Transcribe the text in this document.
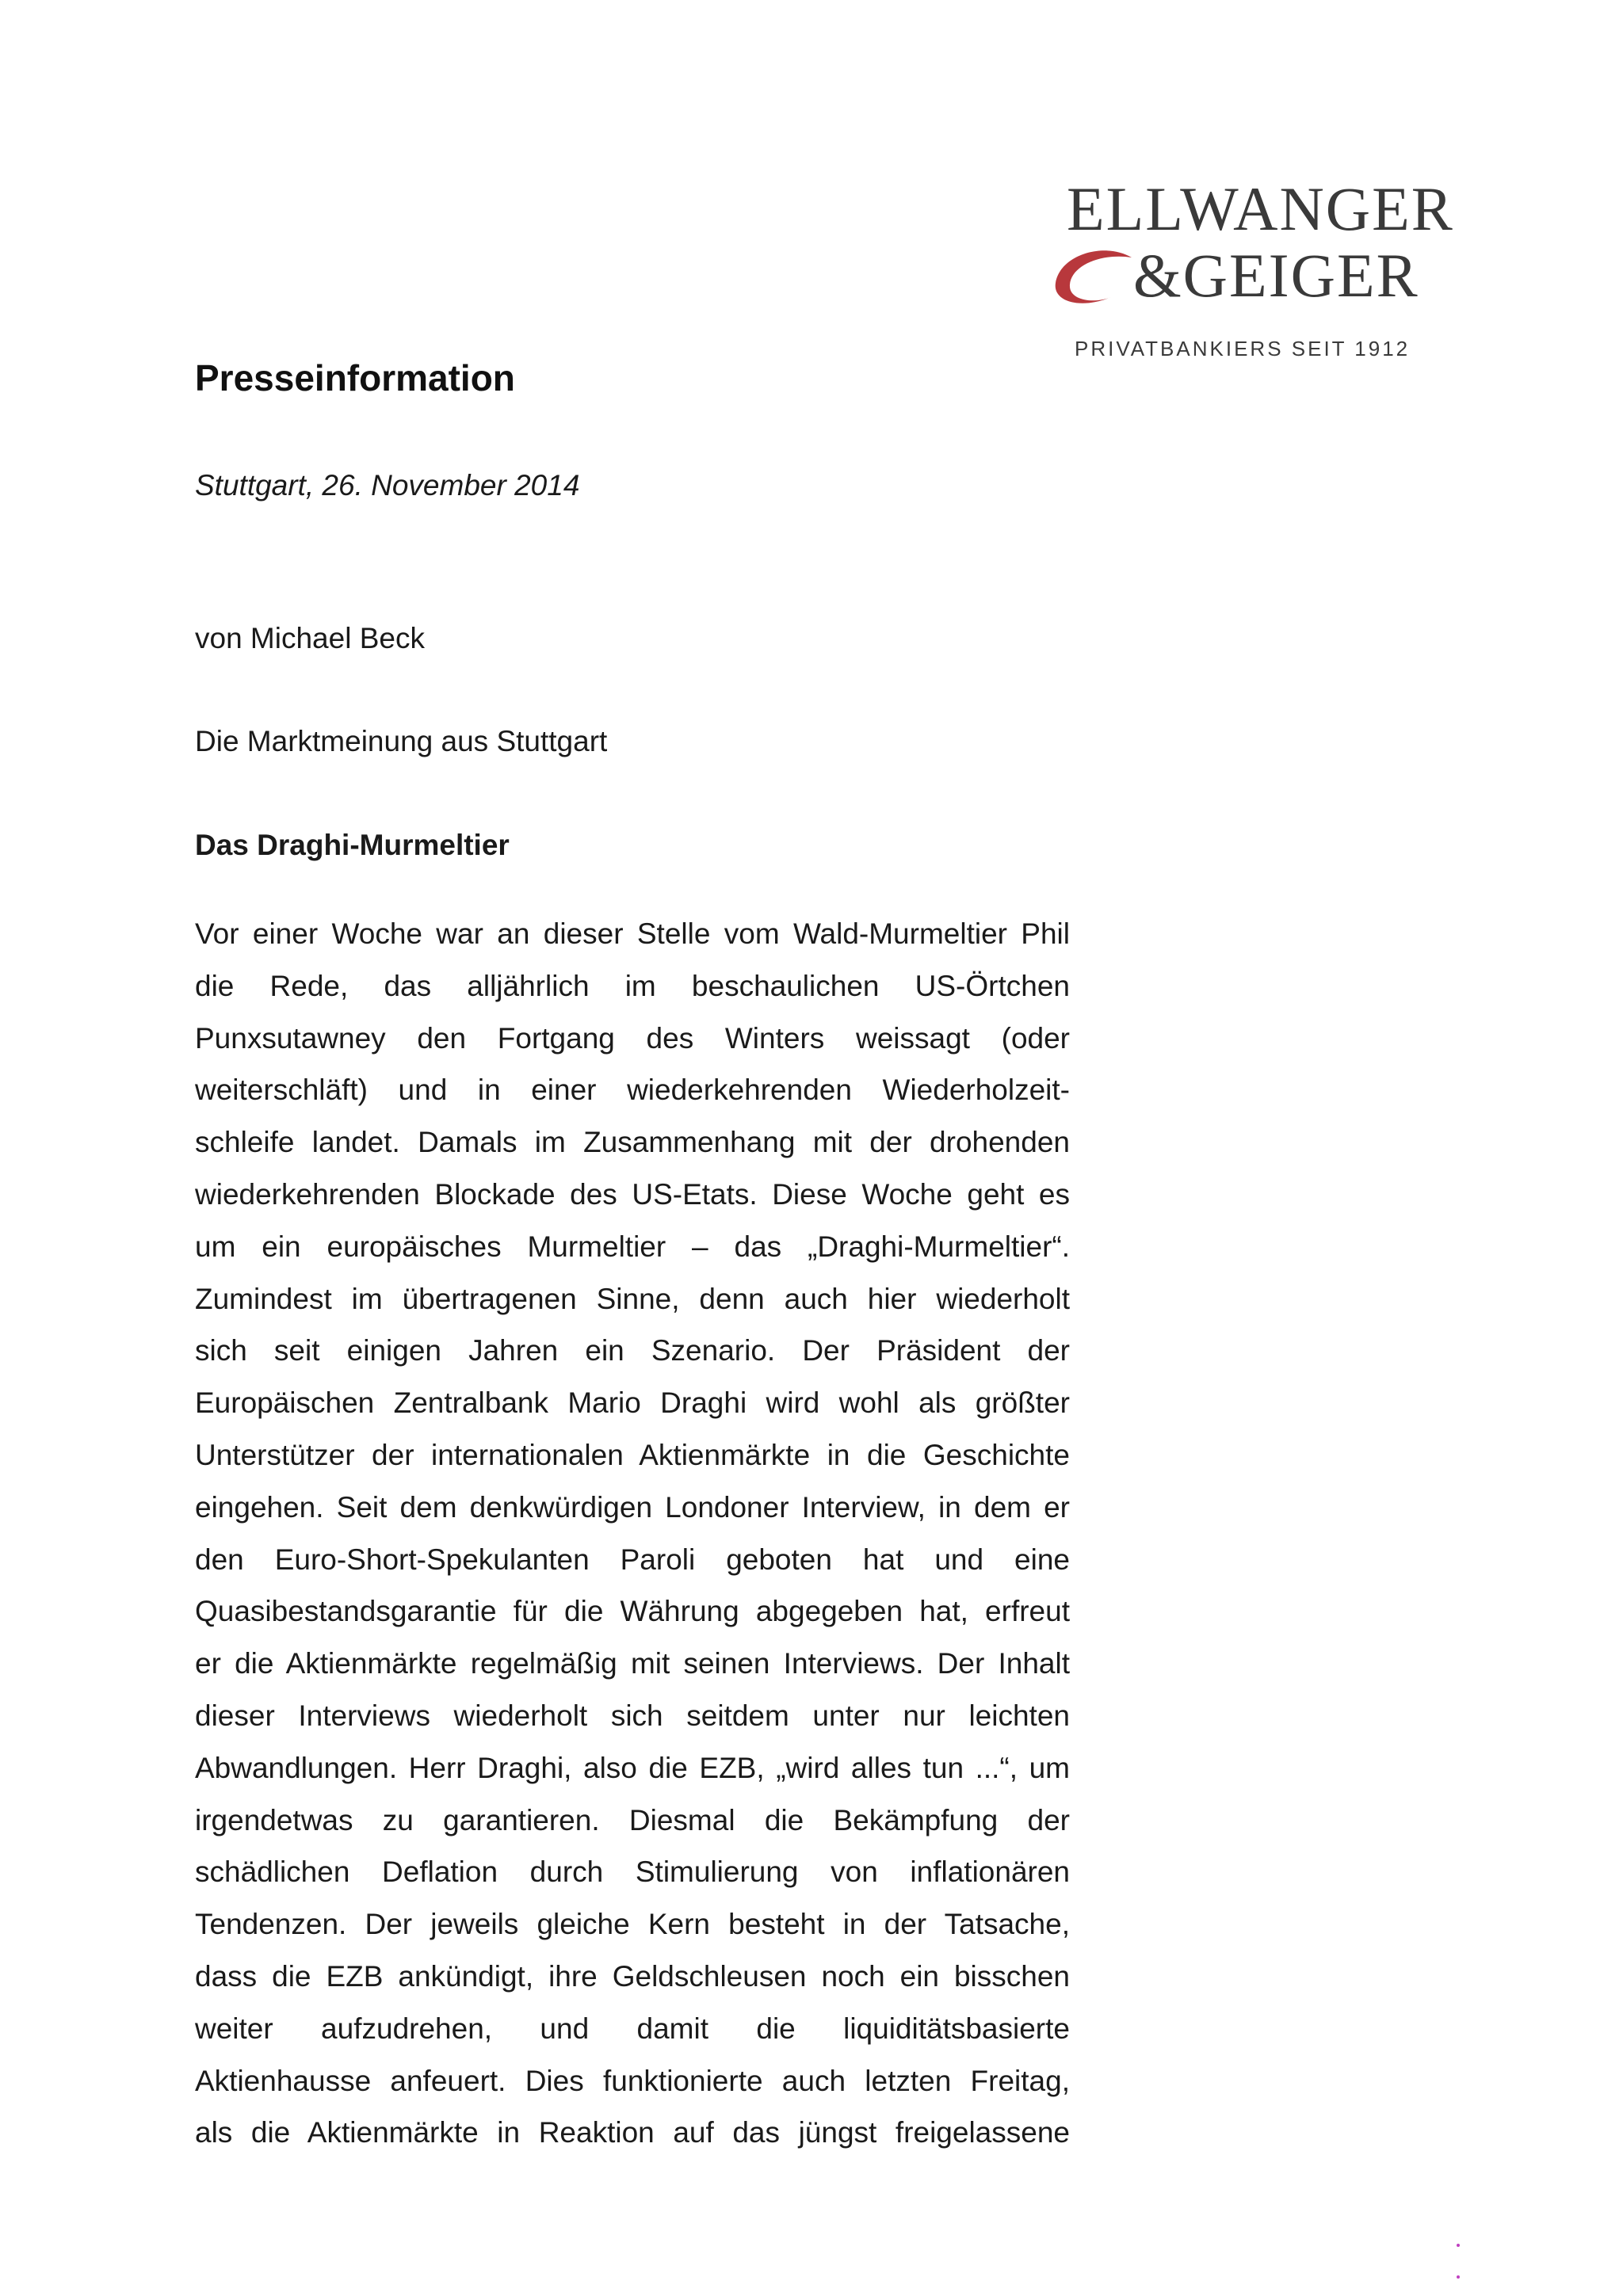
ELLWANGER
&GEIGER
PRIVATBANKIERS SEIT 1912
Presseinformation

Stuttgart, 26. November 2014

von Michael Beck

Die Marktmeinung aus Stuttgart

Das Draghi-Murmeltier

Vor einer Woche war an dieser Stelle vom Wald-Murmeltier Phil
die Rede, das alljährlich im beschaulichen US-Örtchen
Punxsutawney den Fortgang des Winters weissagt (oder
weiterschläft) und in einer wiederkehrenden Wiederholzeit-
schleife landet. Damals im Zusammenhang mit der drohenden
wiederkehrenden Blockade des US-Etats. Diese Woche geht es
um ein europäisches Murmeltier – das „Draghi-Murmeltier“.
Zumindest im übertragenen Sinne, denn auch hier wiederholt
sich seit einigen Jahren ein Szenario. Der Präsident der
Europäischen Zentralbank Mario Draghi wird wohl als größter
Unterstützer der internationalen Aktienmärkte in die Geschichte
eingehen. Seit dem denkwürdigen Londoner Interview, in dem er
den Euro-Short-Spekulanten Paroli geboten hat und eine
Quasibestandsgarantie für die Währung abgegeben hat, erfreut
er die Aktienmärkte regelmäßig mit seinen Interviews. Der Inhalt
dieser Interviews wiederholt sich seitdem unter nur leichten
Abwandlungen. Herr Draghi, also die EZB, „wird alles tun ...“, um
irgendetwas zu garantieren. Diesmal die Bekämpfung der
schädlichen Deflation durch Stimulierung von inflationären
Tendenzen. Der jeweils gleiche Kern besteht in der Tatsache,
dass die EZB ankündigt, ihre Geldschleusen noch ein bisschen
weiter aufzudrehen, und damit die liquiditätsbasierte
Aktienhausse anfeuert. Dies funktionierte auch letzten Freitag,
als die Aktienmärkte in Reaktion auf das jüngst freigelassene
